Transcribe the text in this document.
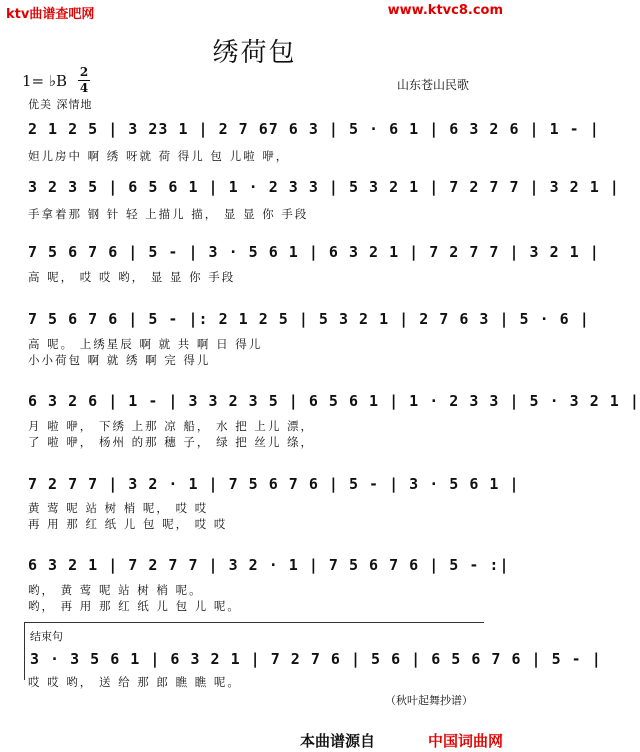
ktv曲谱查吧网	www.ktvc8.com
绣荷包
1= ♭B 2
4	山东苍山民歌
优美 深情地
2 1 2 5 | 3 23 1 | 2 7 67 6 3 | 5 · 6 1 | 6 3 2 6 | 1 - |
妲儿房中 啊 绣 呀就 荷 得儿 包 儿啦 咿，
3 2 3 5 | 6 5 6 1 | 1 · 2 3 3 | 5 3 2 1 | 7 2 7 7 | 3 2 1 |
手拿着那 钢 针 轻 上描儿 描， 显 显 你 手段
7 5 6 7 6 | 5 - | 3 · 5 6 1 | 6 3 2 1 | 7 2 7 7 | 3 2 1 |
高 呢， 哎 哎 哟， 显 显 你 手段
7 5 6 7 6 | 5 - |: 2 1 2 5 | 5 3 2 1 | 2 7 6 3 | 5 · 6 |
高 呢。 上绣星辰 啊 就 共 啊 日 得儿
小小荷包 啊 就 绣 啊 完 得儿
6 3 2 6 | 1 - | 3 3 2 3 5 | 6 5 6 1 | 1 · 2 3 3 | 5 · 3 2 1 |
月 啦 咿， 下绣 上那 凉 船， 水 把 上儿 漂，
了 啦 咿， 杨州 的那 穗 子， 绿 把 丝儿 绦，
7 2 7 7 | 3 2 · 1 | 7 5 6 7 6 | 5 - | 3 · 5 6 1 |
黄 莺 呢 站 树 梢 呢， 哎 哎
再 用 那 红 纸 儿 包 呢， 哎 哎
6 3 2 1 | 7 2 7 7 | 3 2 · 1 | 7 5 6 7 6 | 5 - :|
哟， 黄 莺 呢 站 树 梢 呢。
哟， 再 用 那 红 纸 儿 包 儿 呢。
结束句
3 · 3 5 6 1 | 6 3 2 1 | 7 2 7 6 | 5 6 | 6 5 6 7 6 | 5 - |
哎 哎 哟， 送 给 那 郎 瞧 瞧 呢。
（秋叶起舞抄谱）
本曲谱源自	中国词曲网
